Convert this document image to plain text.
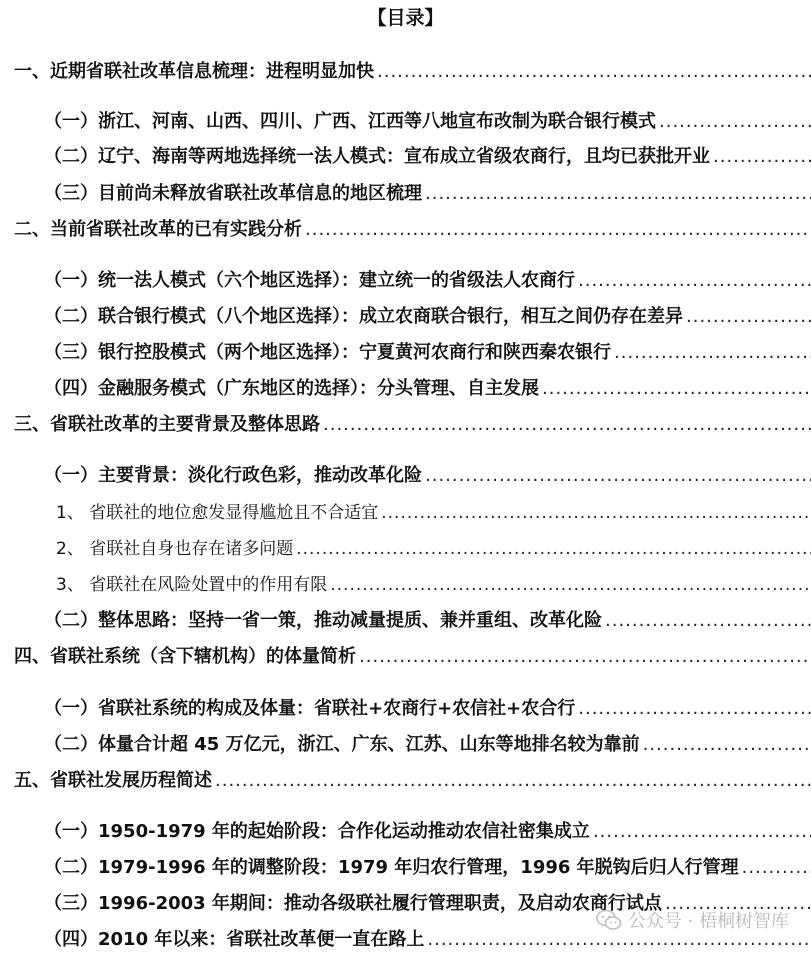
【目录】
一、近期省联社改革信息梳理：进程明显加快
.....
（一）浙江、河南、山西、四川、广西、江西等八地宣布改制为联合银行模式
.....
（二）辽宁、海南等两地选择统一法人模式：宣布成立省级农商行，且均已获批开业
.....
（三）目前尚未释放省联社改革信息的地区梳理
.....
二、当前省联社改革的已有实践分析
.....
（一）统一法人模式（六个地区选择）：建立统一的省级法人农商行
.....
（二）联合银行模式（八个地区选择）：成立农商联合银行，相互之间仍存在差异
.....
（三）银行控股模式（两个地区选择）：宁夏黄河农商行和陕西秦农银行
.....
（四）金融服务模式（广东地区的选择）：分头管理、自主发展
.....
三、省联社改革的主要背景及整体思路
.....
（一）主要背景：淡化行政色彩，推动改革化险
.....
1、 省联社的地位愈发显得尴尬且不合适宜
.....
2、 省联社自身也存在诸多问题
.....
3、 省联社在风险处置中的作用有限
.....
（二）整体思路：坚持一省一策，推动减量提质、兼并重组、改革化险
.....
四、省联社系统（含下辖机构）的体量简析
.....
（一）省联社系统的构成及体量：省联社+农商行+农信社+农合行
.....
（二）体量合计超 45 万亿元，浙江、广东、江苏、山东等地排名较为靠前
.....
五、省联社发展历程简述
.....
（一）1950-1979 年的起始阶段：合作化运动推动农信社密集成立
.....
（二）1979-1996 年的调整阶段：1979 年归农行管理，1996 年脱钩后归人行管理
.....
（三）1996-2003 年期间：推动各级联社履行管理职责，及启动农商行试点
.....
（四）2010 年以来：省联社改革便一直在路上
.....
公众号 · 梧桐树智库
